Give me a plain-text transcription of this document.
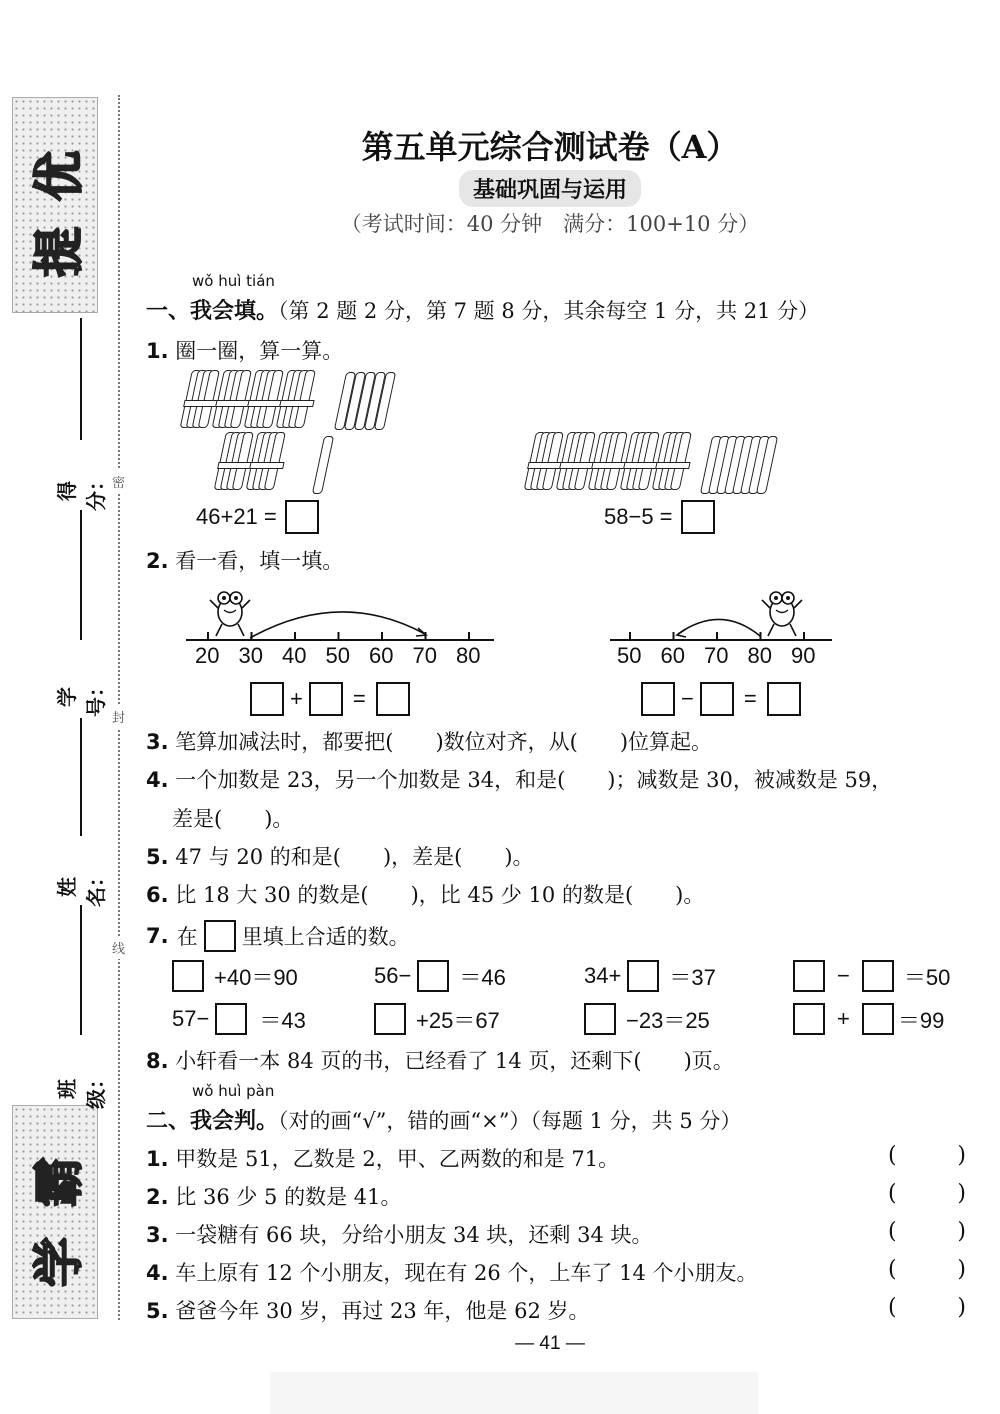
优
提
霸
学
得分：
学号：
姓名：
班级：
密
封
线
第五单元综合测试卷（A）
基础巩固与运用
（考试时间：40 分钟　满分：100+10 分）
wǒ huì tián
一、我会填。（第 2 题 2 分，第 7 题 8 分，其余每空 1 分，共 21 分）
1. 圈一圈，算一算。
46+21 =	58−5 =
2. 看一看，填一填。
20 30 40 50 60 70 80	50 60 70 80 90
+ =	− =
3. 笔算加减法时，都要把(　　)数位对齐，从(　　)位算起。
4. 一个加数是 23，另一个加数是 34，和是(　　)；减数是 30，被减数是 59，
差是(　　)。
5. 47 与 20 的和是(　　)，差是(　　)。
6. 比 18 大 30 的数是(　　)，比 45 少 10 的数是(　　)。
7. 在 里填上合适的数。
+40＝90	56− ＝46	34+ ＝37	− ＝50
57− ＝43	+25＝67	−23＝25	+ ＝99
8. 小轩看一本 84 页的书，已经看了 14 页，还剩下(　　)页。
wǒ huì pàn
二、我会判。（对的画“√”，错的画“×”）（每题 1 分，共 5 分）
1. 甲数是 51，乙数是 2，甲、乙两数的和是 71。	(	)
2. 比 36 少 5 的数是 41。	(	)
3. 一袋糖有 66 块，分给小朋友 34 块，还剩 34 块。	(	)
4. 车上原有 12 个小朋友，现在有 26 个，上车了 14 个小朋友。	(	)
5. 爸爸今年 30 岁，再过 23 年，他是 62 岁。	(	)
— 41 —
